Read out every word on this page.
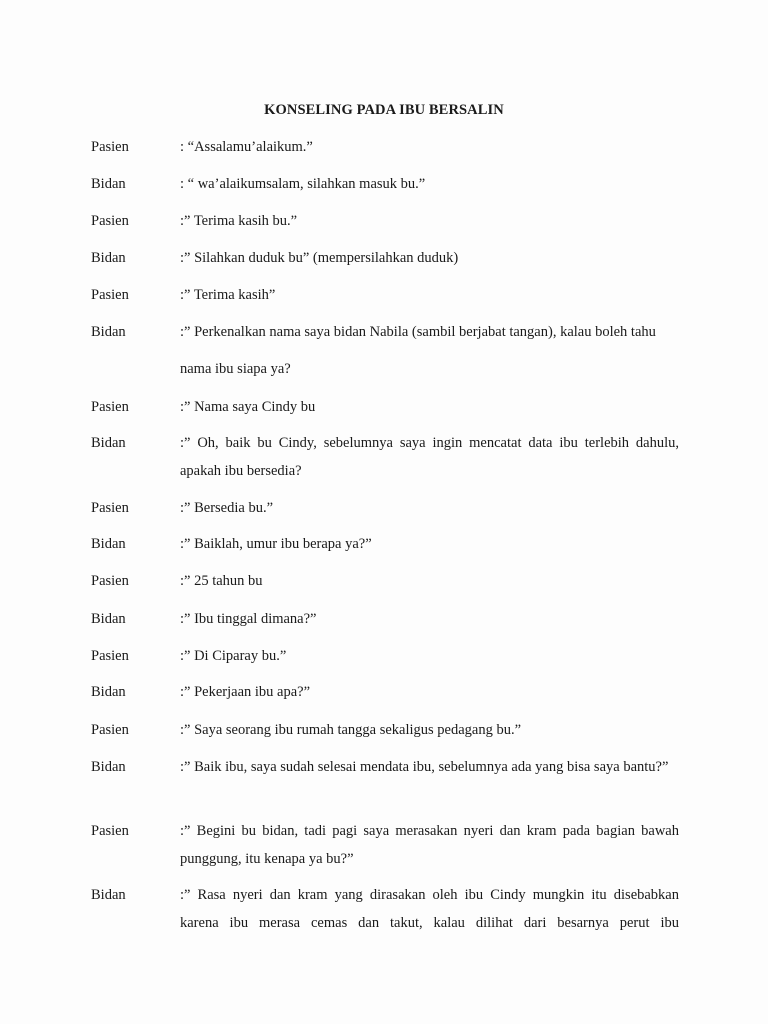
KONSELING PADA IBU BERSALIN
Pasien	: “Assalamu’alaikum.”
Bidan	: “ wa’alaikumsalam, silahkan masuk bu.”
Pasien	:” Terima kasih bu.”
Bidan	:” Silahkan duduk bu” (mempersilahkan duduk)
Pasien	:” Terima kasih”
Bidan	:” Perkenalkan nama saya bidan Nabila (sambil berjabat tangan), kalau boleh tahu
nama ibu siapa ya?
Pasien	:” Nama saya Cindy bu
Bidan	:” Oh, baik bu Cindy, sebelumnya saya ingin mencatat data ibu terlebih dahulu, apakah ibu bersedia?
Pasien	:” Bersedia bu.”
Bidan	:” Baiklah, umur ibu berapa ya?”
Pasien	:” 25 tahun bu
Bidan	:” Ibu tinggal dimana?”
Pasien	:” Di Ciparay bu.”
Bidan	:” Pekerjaan ibu apa?”
Pasien	:” Saya seorang ibu rumah tangga sekaligus pedagang bu.”
Bidan	:” Baik ibu, saya sudah selesai mendata ibu, sebelumnya ada yang bisa saya bantu?”
Pasien	:” Begini bu bidan, tadi pagi saya merasakan nyeri dan kram pada bagian bawah punggung, itu kenapa ya bu?”
Bidan	:” Rasa nyeri dan kram yang dirasakan oleh ibu Cindy mungkin itu disebabkan karena ibu merasa cemas dan takut, kalau dilihat dari besarnya perut ibu
